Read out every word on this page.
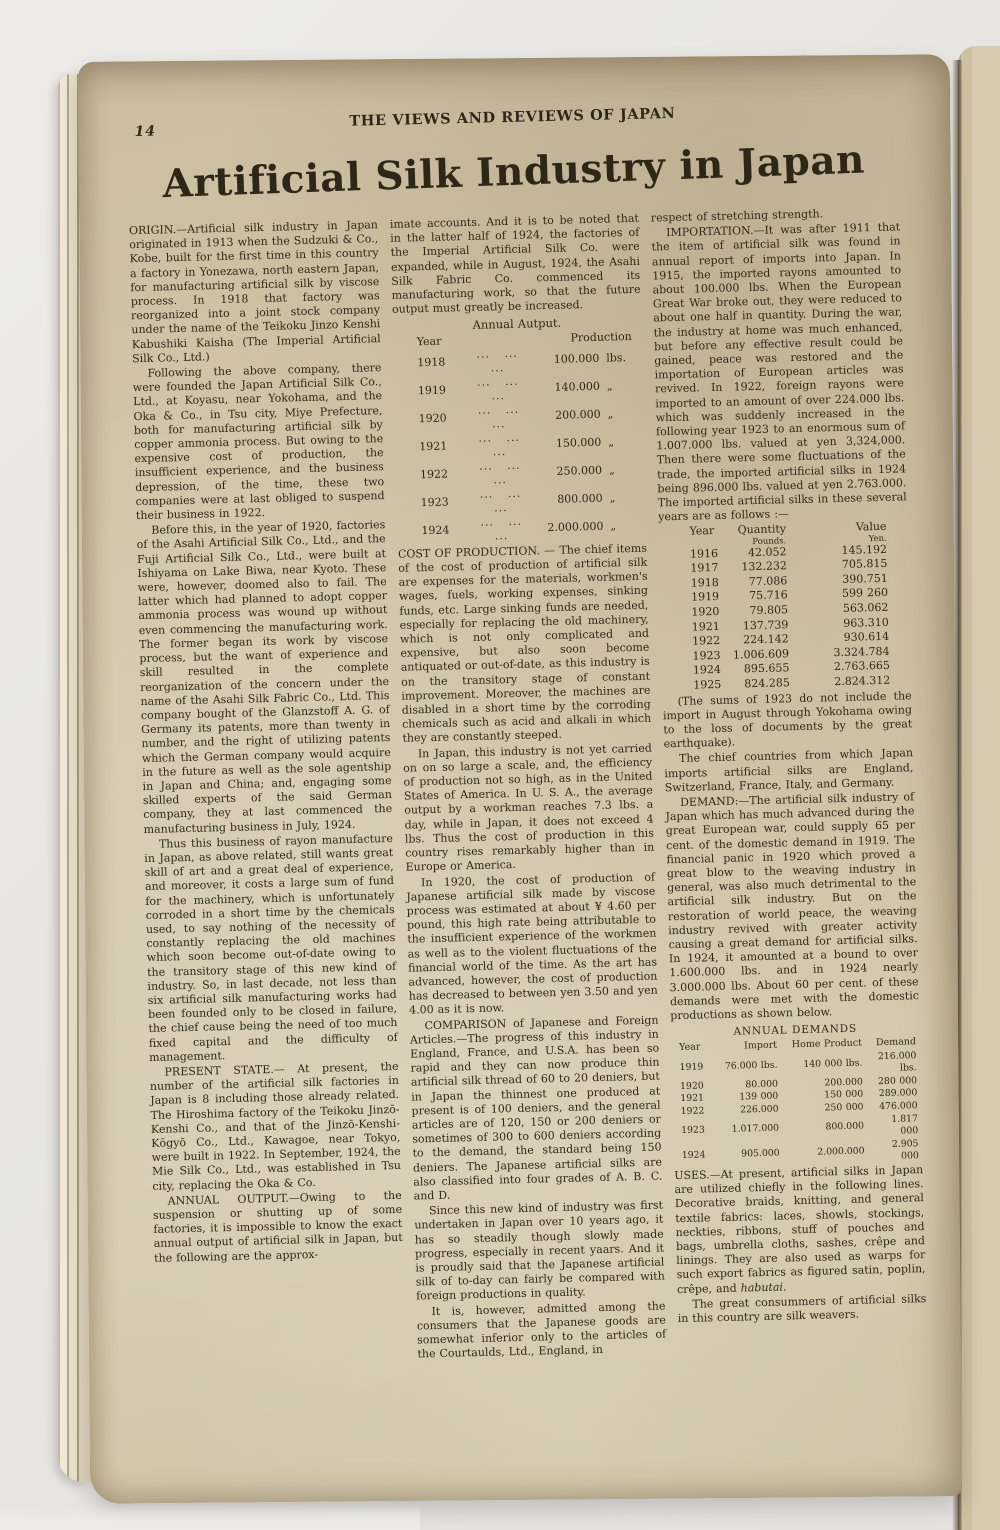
14
THE VIEWS AND REVIEWS OF JAPAN
Artificial Silk Industry in Japan

ORIGIN.—Artificial silk industry in Japan originated in 1913 when the Sudzuki & Co., Kobe, built for the first time in this country a factory in Yonezawa, north eastern Japan, for manufacturing artificial silk by viscose process. In 1918 that factory was reorganized into a joint stock company under the name of the Teikoku Jinzo Kenshi Kabushiki Kaisha (The Imperial Artificial Silk Co., Ltd.)

Following the above company, there were founded the Japan Artificial Silk Co., Ltd., at Koyasu, near Yokohama, and the Oka & Co., in Tsu city, Miye Prefecture, both for manufacturing artificial silk by copper ammonia process. But owing to the expensive cost of production, the insufficient experience, and the business depression, of the time, these two companies were at last obliged to suspend their business in 1922.

Before this, in the year of 1920, factories of the Asahi Artificial Silk Co., Ltd., and the Fuji Artificial Silk Co., Ltd., were built at Ishiyama on Lake Biwa, near Kyoto. These were, however, doomed also to fail. The latter which had planned to adopt copper ammonia process was wound up without even commencing the manufacturing work. The former began its work by viscose process, but the want of experience and skill resulted in the complete reorganization of the concern under the name of the Asahi Silk Fabric Co., Ltd. This company bought of the Glanzstoff A. G. of Germany its patents, more than twenty in number, and the right of utilizing patents which the German company would acquire in the future as well as the sole agentship in Japan and China; and, engaging some skilled experts of the said German company, they at last commenced the manufacturing business in July, 1924.

Thus this business of rayon manufacture in Japan, as above related, still wants great skill of art and a great deal of experience, and moreover, it costs a large sum of fund for the machinery, which is unfortunately corroded in a short time by the chemicals used, to say nothing of the necessity of constantly replacing the old machines which soon become out-of-date owing to the transitory stage of this new kind of industry. So, in last decade, not less than six artificial silk manufacturing works had been founded only to be closed in failure, the chief cause being the need of too much fixed capital and the difficulty of management.

PRESENT STATE.— At present, the number of the artificial silk factories in Japan is 8 including those already related. The Hiroshima factory of the Teikoku Jinzō-Kenshi Co., and that of the Jinzō-Kenshi-Kōgyō Co., Ltd., Kawagoe, near Tokyo, were built in 1922. In September, 1924, the Mie Silk Co., Ltd., was established in Tsu city, replacing the Oka & Co.

ANNUAL OUTPUT.—Owing to the suspension or shutting up of some factories, it is impossible to know the exact annual output of artificial silk in Japan, but the following are the approx-

imate accounts. And it is to be noted that in the latter half of 1924, the factories of the Imperial Artificial Silk Co. were expanded, while in August, 1924, the Asahi Silk Fabric Co. commenced its manufacturing work, so that the future output must greatly be increased.

Annual Autput.

Year		Production	
1918	... ... ...	100.000	lbs.
1919	... ... ...	140.000	„
1920	... ... ...	200.000	„
1921	... ... ...	150.000	„
1922	... ... ...	250.000	„
1923	... ... ...	800.000	„
1924	... ... ...	2.000.000	„

COST OF PRODUCTION. — The chief items of the cost of production of artificial silk are expenses for the materials, workmen's wages, fuels, working expenses, sinking funds, etc. Large sinking funds are needed, especially for replacing the old machinery, which is not only complicated and expensive, but also soon become antiquated or out-of-date, as this industry is on the transitory stage of constant improvement. Moreover, the machines are disabled in a short time by the corroding chemicals such as acid and alkali in which they are constantly steeped.

In Japan, this industry is not yet carried on on so large a scale, and, the efficiency of production not so high, as in the United States of America. In U. S. A., the average output by a workman reaches 7.3 lbs. a day, while in Japan, it does not exceed 4 lbs. Thus the cost of production in this country rises remarkably higher than in Europe or America.

In 1920, the cost of production of Japanese artificial silk made by viscose process was estimated at about ¥ 4.60 per pound, this high rate being attributable to the insufficient experience of the workmen as well as to the violent fluctuations of the financial world of the time. As the art has advanced, however, the cost of production has decreased to between yen 3.50 and yen 4.00 as it is now.

COMPARISON of Japanese and Foreign Articles.—The progress of this industry in England, France, and U.S.A. has been so rapid and they can now produce thin artificial silk thread of 60 to 20 deniers, but in Japan the thinnest one produced at present is of 100 deniers, and the general articles are of 120, 150 or 200 deniers or sometimes of 300 to 600 deniers according to the demand, the standard being 150 deniers. The Japanese artificial silks are also classified into four grades of A. B. C. and D.

Since this new kind of industry was first undertaken in Japan over 10 years ago, it has so steadily though slowly made progress, especially in recent yaars. And it is proudly said that the Japanese artificial silk of to-day can fairly be compared with foreign productions in quality.

It is, however, admitted among the consumers that the Japanese goods are somewhat inferior only to the articles of the Courtaulds, Ltd., England, in

respect of stretching strength.

IMPORTATION.—It was after 1911 that the item of artificial silk was found in annual report of imports into Japan. In 1915, the imported rayons amounted to about 100.000 lbs. When the European Great War broke out, they were reduced to about one half in quantity. During the war, the industry at home was much enhanced, but before any effective result could be gained, peace was restored and the importation of European articles was revived. In 1922, foreign rayons were imported to an amount of over 224.000 lbs. which was suddenly increased in the following year 1923 to an enormous sum of 1.007.000 lbs. valued at yen 3,324,000. Then there were some fluctuations of the trade, the imported artificial silks in 1924 being 896.000 lbs. valued at yen 2.763.000. The imported artificial silks in these several years are as follows :—

Year	Quantity	Value
	Pounds.	Yen.
1916	42.052	145.192
1917	132.232	705.815
1918	77.086	390.751
1919	75.716	599 260
1920	79.805	563.062
1921	137.739	963.310
1922	224.142	930.614
1923	1.006.609	3.324.784
1924	895.655	2.763.665
1925	824.285	2.824.312

(The sums of 1923 do not include the import in August through Yokohama owing to the loss of documents by the great earthquake).

The chief countries from which Japan imports artificial silks are England, Switzerland, France, Italy, and Germany.

DEMAND:—The artificial silk industry of Japan which has much advanced during the great European war, could supply 65 per cent. of the domestic demand in 1919. The financial panic in 1920 which proved a great blow to the weaving industry in general, was also much detrimental to the artificial silk industry. But on the restoration of world peace, the weaving industry revived with greater activity causing a great demand for artificial silks. In 1924, it amounted at a bound to over 1.600.000 lbs. and in 1924 nearly 3.000.000 lbs. About 60 per cent. of these demands were met with the domestic productions as shown below.

ANNUAL DEMANDS

Year	Import	Home Product	Demand
1919	76.000 lbs.	140 000 lbs.	216.000 lbs.
1920	80.000	200.000	280 000
1921	139 000	150 000	289.000
1922	226.000	250 000	476.000
1923	1.017.000	800.000	1.817 000
1924	905.000	2.000.000	2.905 000

USES.—At present, artificial silks in Japan are utilized chiefly in the following lines. Decorative braids, knitting, and general textile fabrics: laces, showls, stockings, neckties, ribbons, stuff of pouches and bags, umbrella cloths, sashes, crêpe and linings. They are also used as warps for such export fabrics as figured satin, poplin, crêpe, and habutai.

The great consummers of artificial silks in this country are silk weavers.
